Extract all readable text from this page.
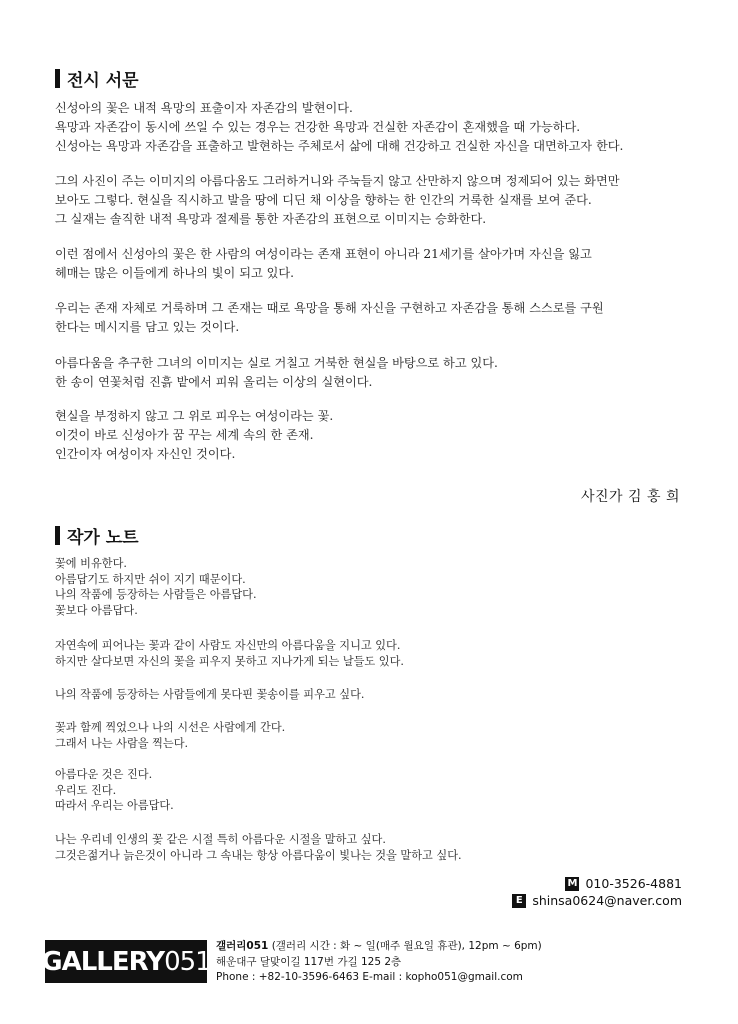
전시 서문
신성아의 꽃은 내적 욕망의 표출이자 자존감의 발현이다.
욕망과 자존감이 동시에 쓰일 수 있는 경우는 건강한 욕망과 건실한 자존감이 혼재했을 때 가능하다.
신성아는 욕망과 자존감을 표출하고 발현하는 주체로서 삶에 대해 건강하고 건실한 자신을 대면하고자 한다.
그의 사진이 주는 이미지의 아름다움도 그러하거니와 주눅들지 않고 산만하지 않으며 정제되어 있는 화면만
보아도 그렇다. 현실을 직시하고 발을 땅에 디딘 채 이상을 향하는 한 인간의 거룩한 실재를 보여 준다.
그 실재는 솔직한 내적 욕망과 절제를 통한 자존감의 표현으로 이미지는 승화한다.
이런 점에서 신성아의 꽃은 한 사람의 여성이라는 존재 표현이 아니라 21세기를 살아가며 자신을 잃고
헤매는 많은 이들에게 하나의 빛이 되고 있다.
우리는 존재 자체로 거룩하며 그 존재는 때로 욕망을 통해 자신을 구현하고 자존감을 통해 스스로를 구원
한다는 메시지를 담고 있는 것이다.
아름다움을 추구한 그녀의 이미지는 실로 거칠고 거북한 현실을 바탕으로 하고 있다.
한 송이 연꽃처럼 진흙 밭에서 피워 올리는 이상의 실현이다.
현실을 부정하지 않고 그 위로 피우는 여성이라는 꽃.
이것이 바로 신성아가 꿈 꾸는 세계 속의 한 존재.
인간이자 여성이자 자신인 것이다.
사진가 김 홍 희
작가 노트
꽃에 비유한다.
아름답기도 하지만 쉬이 지기 때문이다.
나의 작품에 등장하는 사람들은 아름답다.
꽃보다 아름답다.
자연속에 피어나는 꽃과 같이 사람도 자신만의 아름다움을 지니고 있다.
하지만 살다보면 자신의 꽃을 피우지 못하고 지나가게 되는 날들도 있다.
나의 작품에 등장하는 사람들에게 못다핀 꽃송이를 피우고 싶다.
꽃과 함께 찍었으나 나의 시선은 사람에게 간다.
그래서 나는 사람을 찍는다.
아름다운 것은 진다.
우리도 진다.
따라서 우리는 아름답다.
나는 우리네 인생의 꽃 같은 시절 특히 아름다운 시절을 말하고 싶다.
그것은젊거나 늙은것이 아니라 그 속내는 항상 아름다움이 빛나는 것을 말하고 싶다.
M 010-3526-4881
E shinsa0624@naver.com
GALLERY 051
갤러리051 (갤러리 시간 : 화 ~ 일(매주 월요일 휴관), 12pm ~ 6pm)
해운대구 달맞이길 117번 가길 125 2층
Phone : +82-10-3596-6463 E-mail : kopho051@gmail.com
